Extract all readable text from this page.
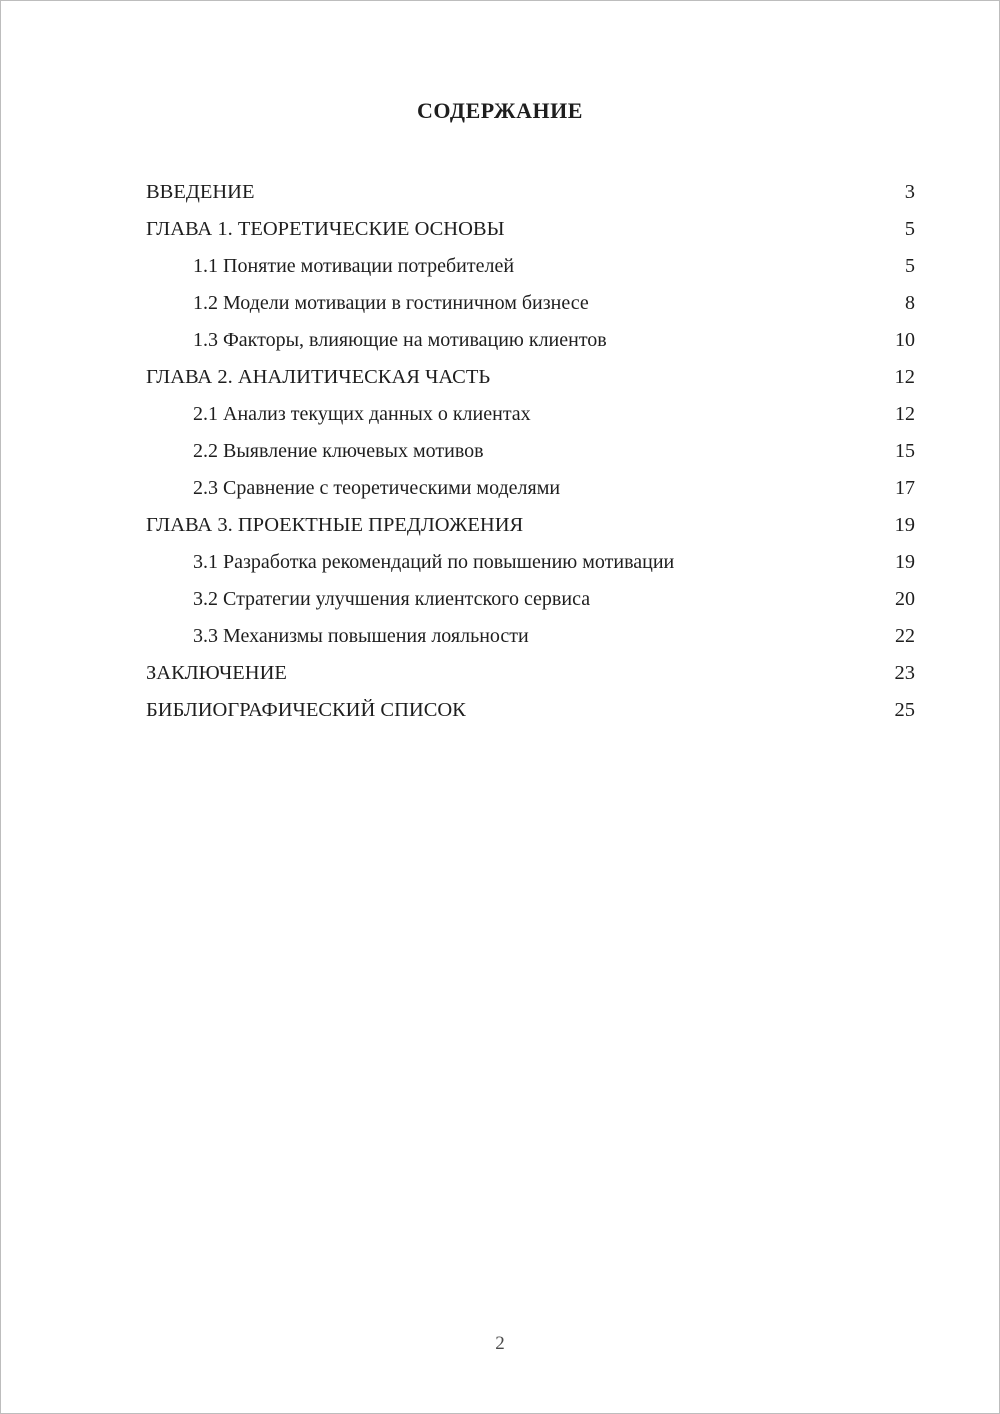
СОДЕРЖАНИЕ
ВВЕДЕНИЕ	3
ГЛАВА 1. ТЕОРЕТИЧЕСКИЕ ОСНОВЫ	5
1.1 Понятие мотивации потребителей	5
1.2 Модели мотивации в гостиничном бизнесе	8
1.3 Факторы, влияющие на мотивацию клиентов	10
ГЛАВА 2. АНАЛИТИЧЕСКАЯ ЧАСТЬ	12
2.1 Анализ текущих данных о клиентах	12
2.2 Выявление ключевых мотивов	15
2.3 Сравнение с теоретическими моделями	17
ГЛАВА 3. ПРОЕКТНЫЕ ПРЕДЛОЖЕНИЯ	19
3.1 Разработка рекомендаций по повышению мотивации	19
3.2 Стратегии улучшения клиентского сервиса	20
3.3 Механизмы повышения лояльности	22
ЗАКЛЮЧЕНИЕ	23
БИБЛИОГРАФИЧЕСКИЙ СПИСОК	25
2
